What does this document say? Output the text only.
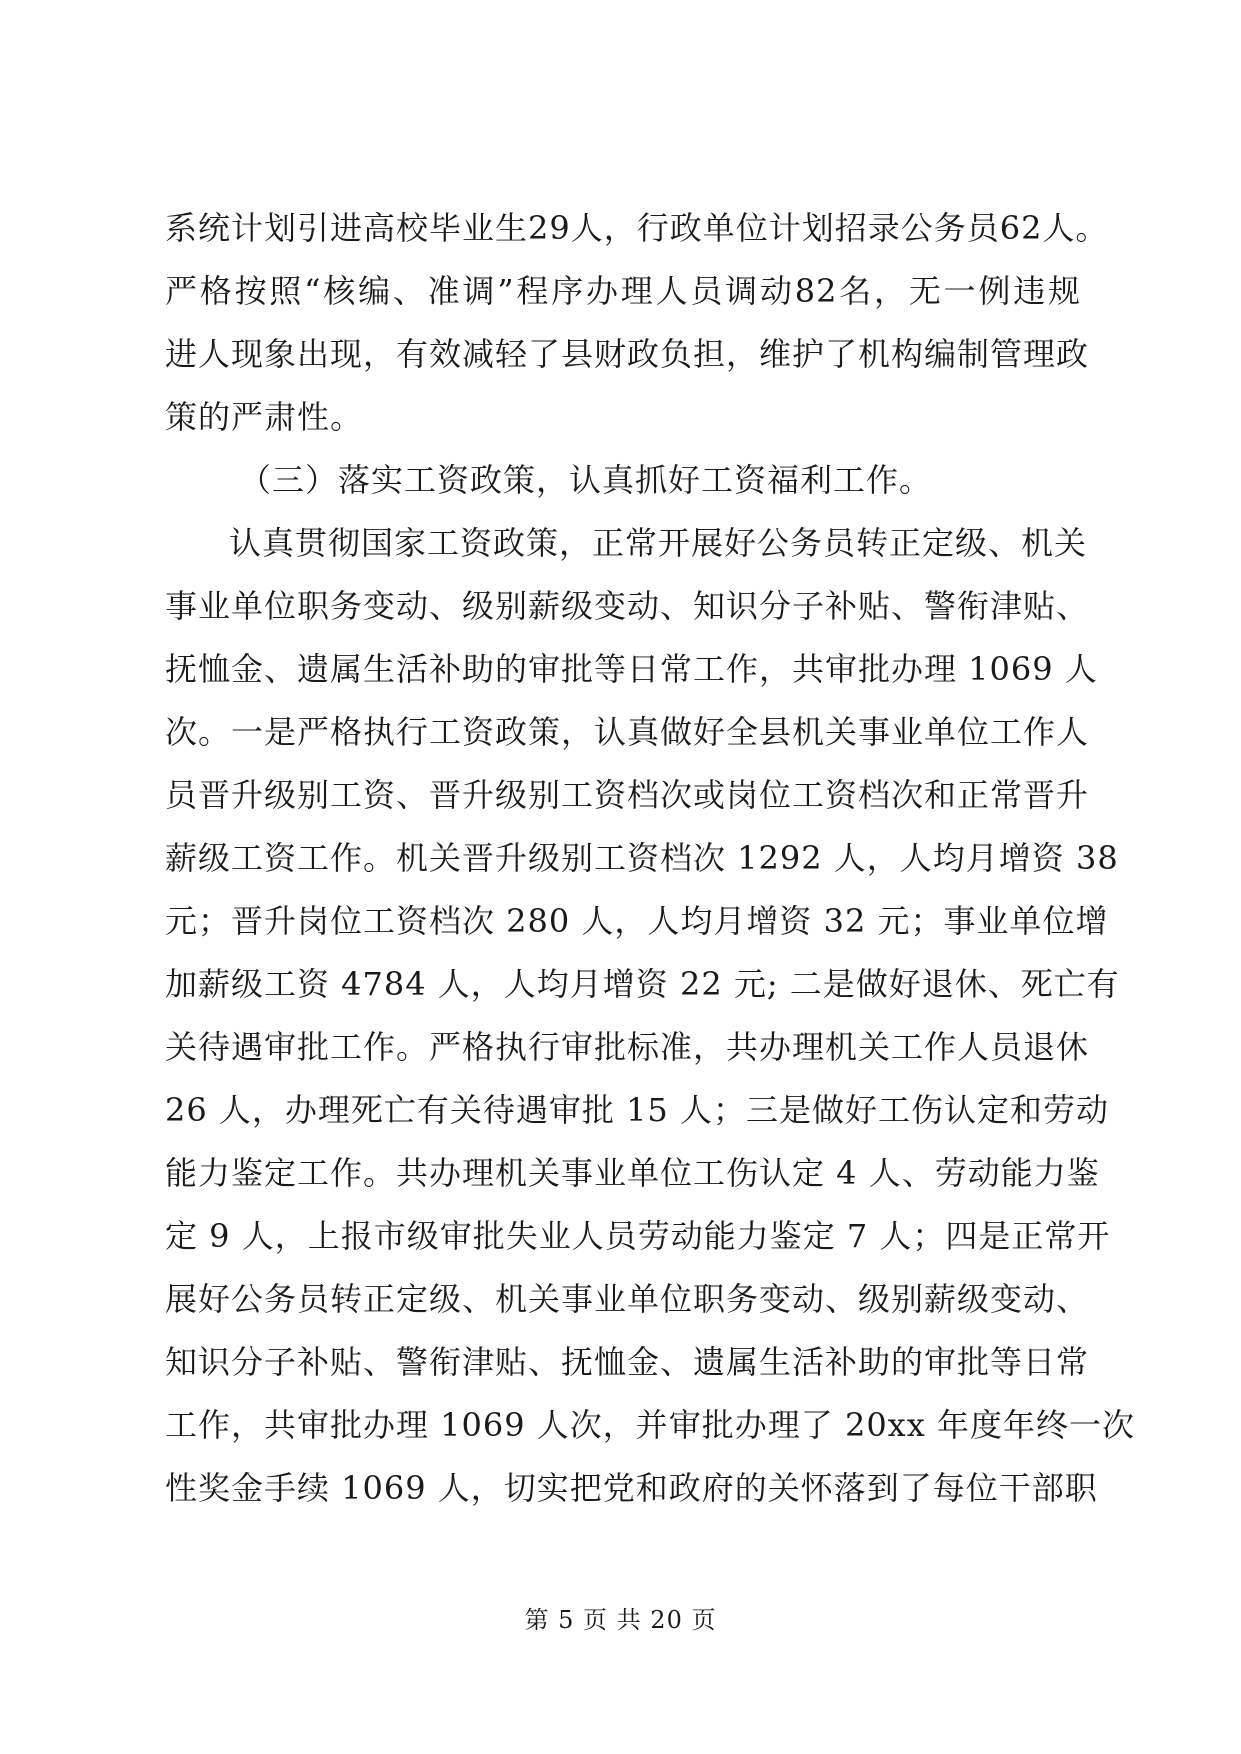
系统计划引进高校毕业生29人，行政单位计划招录公务员62人。
严格按照“核编、准调”程序办理人员调动82名，无一例违规
进人现象出现，有效减轻了县财政负担，维护了机构编制管理政
策的严肃性。
（三）落实工资政策，认真抓好工资福利工作。
认真贯彻国家工资政策，正常开展好公务员转正定级、机关
事业单位职务变动、级别薪级变动、知识分子补贴、警衔津贴、
抚恤金、遗属生活补助的审批等日常工作，共审批办理 1069 人
次。一是严格执行工资政策，认真做好全县机关事业单位工作人
员晋升级别工资、晋升级别工资档次或岗位工资档次和正常晋升
薪级工资工作。机关晋升级别工资档次 1292 人，人均月增资 38
元；晋升岗位工资档次 280 人，人均月增资 32 元；事业单位增
加薪级工资 4784 人，人均月增资 22 元; 二是做好退休、死亡有
关待遇审批工作。严格执行审批标准，共办理机关工作人员退休
26 人，办理死亡有关待遇审批 15 人；三是做好工伤认定和劳动
能力鉴定工作。共办理机关事业单位工伤认定 4 人、劳动能力鉴
定 9 人，上报市级审批失业人员劳动能力鉴定 7 人；四是正常开
展好公务员转正定级、机关事业单位职务变动、级别薪级变动、
知识分子补贴、警衔津贴、抚恤金、遗属生活补助的审批等日常
工作，共审批办理 1069 人次，并审批办理了 20xx 年度年终一次
性奖金手续 1069 人，切实把党和政府的关怀落到了每位干部职
第 5 页 共 20 页
